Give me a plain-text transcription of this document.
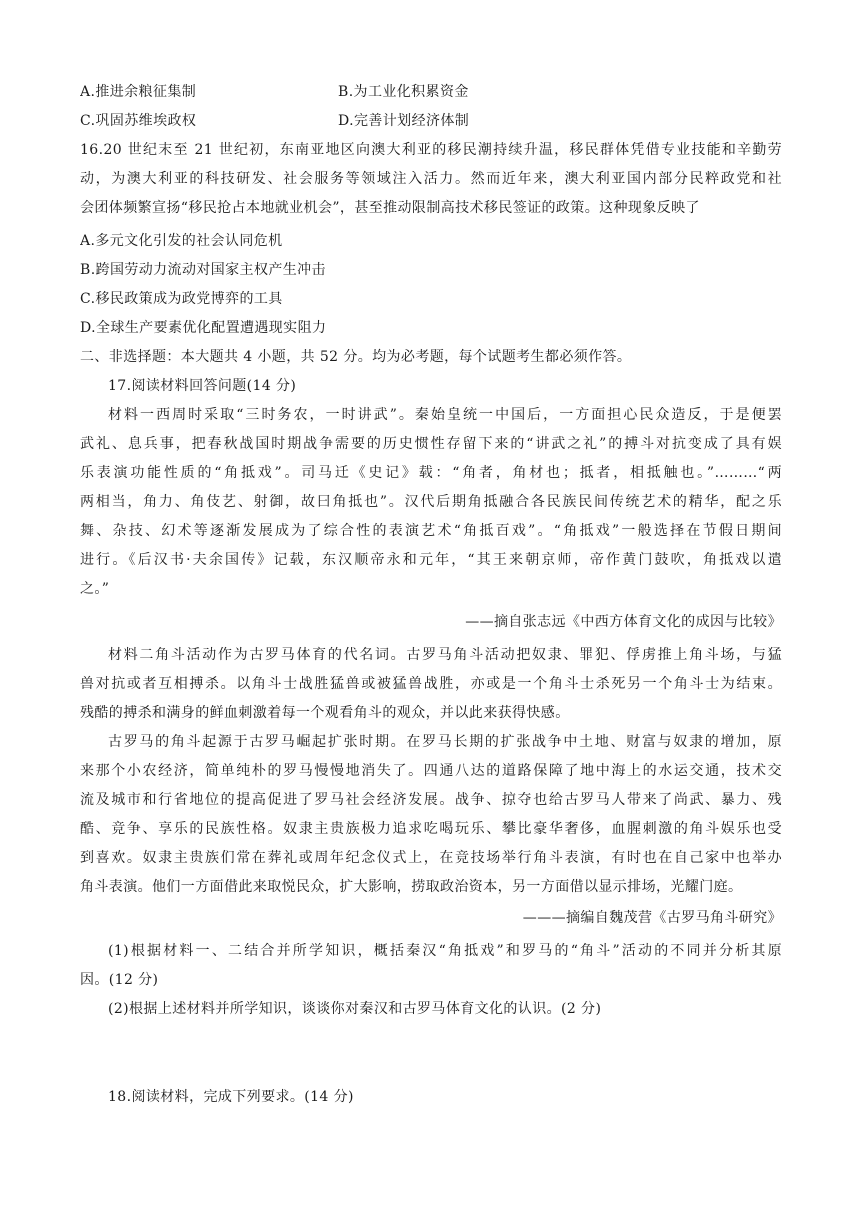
A.推进余粮征集制	B.为工业化积累资金
C.巩固苏维埃政权	D.完善计划经济体制
16.20 世纪末至 21 世纪初，东南亚地区向澳大利亚的移民潮持续升温，移民群体凭借专业技能和辛勤劳
动，为澳大利亚的科技研发、社会服务等领域注入活力。然而近年来，澳大利亚国内部分民粹政党和社
会团体频繁宣扬“移民抢占本地就业机会”，甚至推动限制高技术移民签证的政策。这种现象反映了
A.多元文化引发的社会认同危机
B.跨国劳动力流动对国家主权产生冲击
C.移民政策成为政党博弈的工具
D.全球生产要素优化配置遭遇现实阻力
二、非选择题：本大题共 4 小题，共 52 分。均为必考题，每个试题考生都必须作答。
17.阅读材料回答问题(14 分)
材料一西周时采取“三时务农，一时讲武”。秦始皇统一中国后，一方面担心民众造反，于是便罢
武礼、息兵事，把春秋战国时期战争需要的历史惯性存留下来的“讲武之礼”的搏斗对抗变成了具有娱
乐表演功能性质的“角抵戏”。司马迁《史记》载：“角者，角材也；抵者，相抵触也。”………“两
两相当，角力、角伎艺、射御，故曰角抵也”。汉代后期角抵融合各民族民间传统艺术的精华，配之乐
舞、杂技、幻术等逐渐发展成为了综合性的表演艺术“角抵百戏”。“角抵戏”一般选择在节假日期间
进行。《后汉书·夫余国传》记载，东汉顺帝永和元年，“其王来朝京师，帝作黄门鼓吹，角抵戏以遣
之。”
——摘自张志远《中西方体育文化的成因与比较》
材料二角斗活动作为古罗马体育的代名词。古罗马角斗活动把奴隶、罪犯、俘虏推上角斗场，与猛
兽对抗或者互相搏杀。以角斗士战胜猛兽或被猛兽战胜，亦或是一个角斗士杀死另一个角斗士为结束。
残酷的搏杀和满身的鲜血刺激着每一个观看角斗的观众，并以此来获得快感。
古罗马的角斗起源于古罗马崛起扩张时期。在罗马长期的扩张战争中土地、财富与奴隶的增加，原
来那个小农经济，简单纯朴的罗马慢慢地消失了。四通八达的道路保障了地中海上的水运交通，技术交
流及城市和行省地位的提高促进了罗马社会经济发展。战争、掠夺也给古罗马人带来了尚武、暴力、残
酷、竞争、享乐的民族性格。奴隶主贵族极力追求吃喝玩乐、攀比豪华奢侈，血腥刺激的角斗娱乐也受
到喜欢。奴隶主贵族们常在葬礼或周年纪念仪式上，在竞技场举行角斗表演，有时也在自己家中也举办
角斗表演。他们一方面借此来取悦民众，扩大影响，捞取政治资本，另一方面借以显示排场，光耀门庭。
———摘编自魏茂营《古罗马角斗研究》
(1)根据材料一、二结合并所学知识，概括秦汉“角抵戏”和罗马的“角斗”活动的不同并分析其原
因。(12 分)
(2)根据上述材料并所学知识，谈谈你对秦汉和古罗马体育文化的认识。(2 分)
18.阅读材料，完成下列要求。(14 分)
